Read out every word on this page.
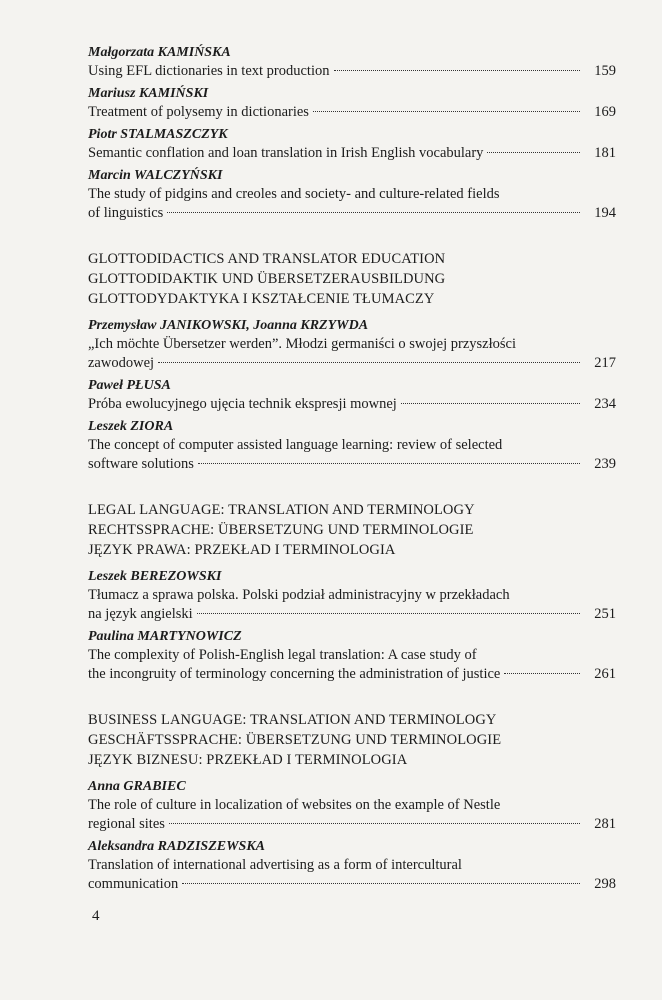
Małgorzata KAMIŃSKA
Using EFL dictionaries in text production	159
Mariusz KAMIŃSKI
Treatment of polysemy in dictionaries	169
Piotr STALMASZCZYK
Semantic conflation and loan translation in Irish English vocabulary	181
Marcin WALCZYŃSKI
The study of pidgins and creoles and society- and culture-related fields
of linguistics	194
GLOTTODIDACTICS AND TRANSLATOR EDUCATION
GLOTTODIDAKTIK UND ÜBERSETZERAUSBILDUNG
GLOTTODYDAKTYKA I KSZTAŁCENIE TŁUMACZY
Przemysław JANIKOWSKI, Joanna KRZYWDA
„Ich möchte Übersetzer werden”. Młodzi germaniści o swojej przyszłości
zawodowej	217
Paweł PŁUSA
Próba ewolucyjnego ujęcia technik ekspresji mownej	234
Leszek ZIORA
The concept of computer assisted language learning: review of selected
software solutions	239
LEGAL LANGUAGE: TRANSLATION AND TERMINOLOGY
RECHTSSPRACHE: ÜBERSETZUNG UND TERMINOLOGIE
JĘZYK PRAWA: PRZEKŁAD I TERMINOLOGIA
Leszek BEREZOWSKI
Tłumacz a sprawa polska. Polski podział administracyjny w przekładach
na język angielski	251
Paulina MARTYNOWICZ
The complexity of Polish-English legal translation: A case study of
the incongruity of terminology concerning the administration of justice	261
BUSINESS LANGUAGE: TRANSLATION AND TERMINOLOGY
GESCHÄFTSSPRACHE: ÜBERSETZUNG UND TERMINOLOGIE
JĘZYK BIZNESU: PRZEKŁAD I TERMINOLOGIA
Anna GRABIEC
The role of culture in localization of websites on the example of Nestle
regional sites	281
Aleksandra RADZISZEWSKA
Translation of international advertising as a form of intercultural
communication	298
4
